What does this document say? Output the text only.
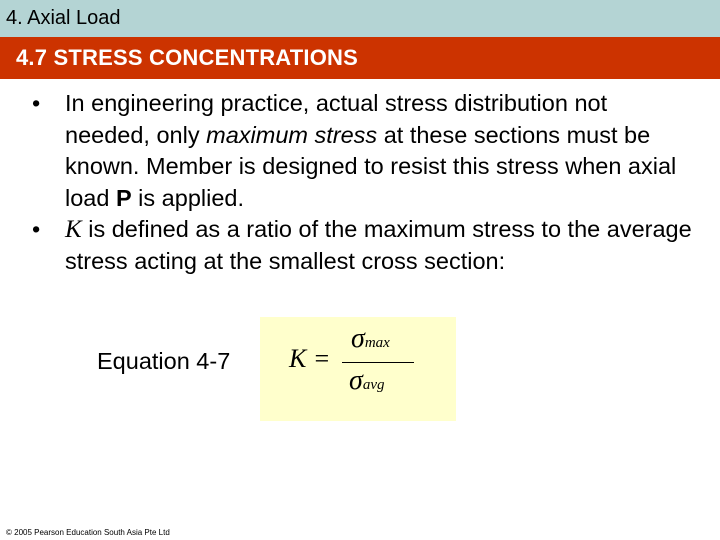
4. Axial Load
4.7 STRESS CONCENTRATIONS
• In engineering practice, actual stress distribution not needed, only maximum stress at these sections must be known. Member is designed to resist this stress when axial load P is applied.
• K is defined as a ratio of the maximum stress to the average stress acting at the smallest cross section:
Equation 4-7 K =
σmax
σavg
© 2005 Pearson Education South Asia Pte Ltd
